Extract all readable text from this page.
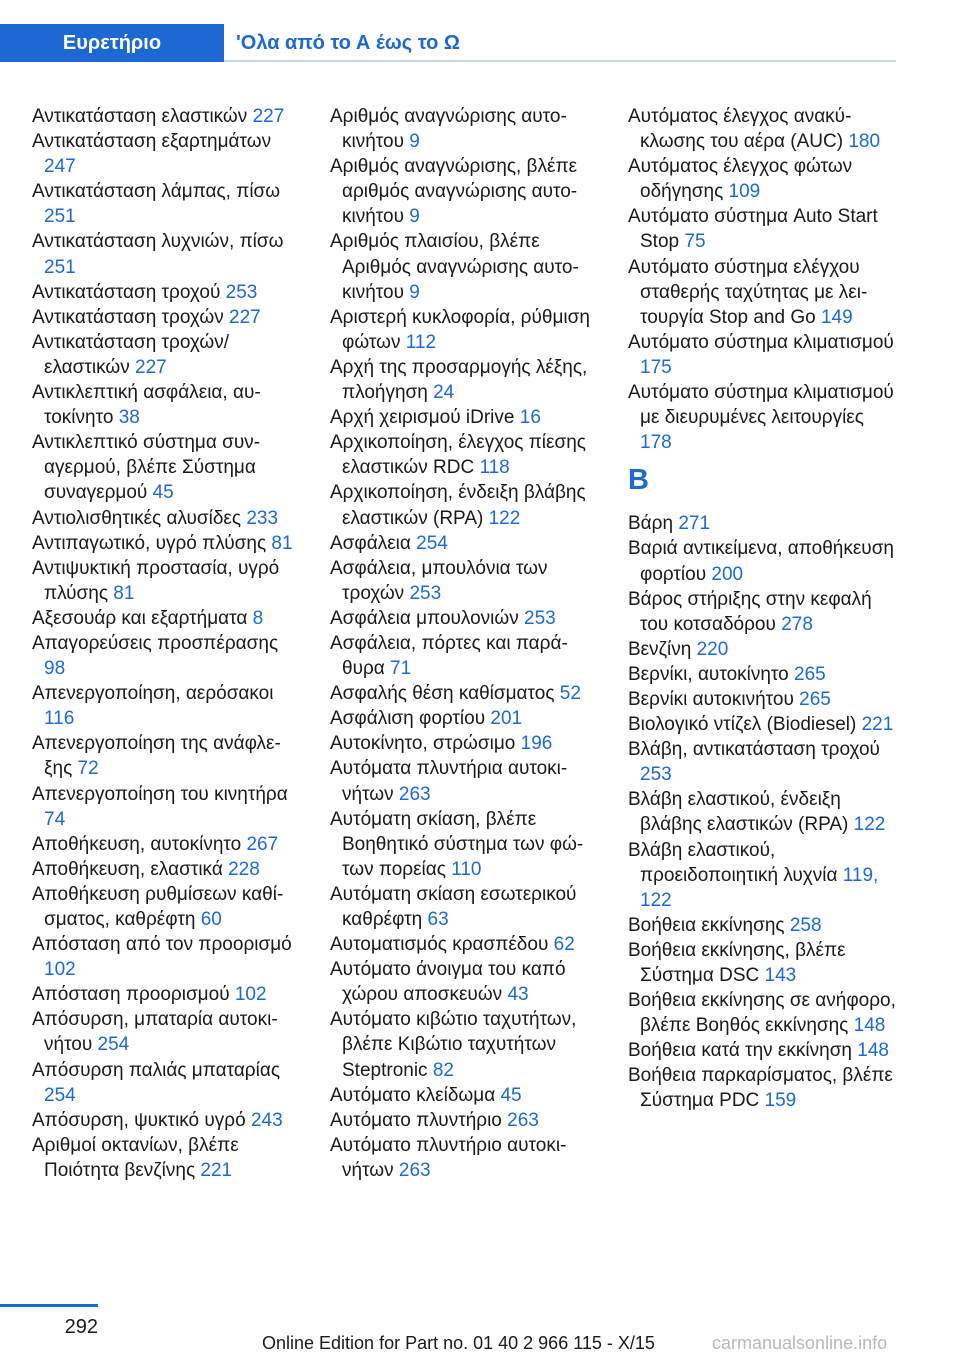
Ευρετήριο	'Ολα από το Α έως το Ω

Αντικατάσταση ελαστικών 227

Αντικατάσταση εξαρτημάτων 247

Αντικατάσταση λάμπας, πίσω 251

Αντικατάσταση λυχνιών, πίσω 251

Αντικατάσταση τροχού 253

Αντικατάσταση τροχών 227

Αντικατάσταση τροχών/ελαστικών 227

Αντικλεπτική ασφάλεια, αυτοκίνητο 38

Αντικλεπτικό σύστημα συναγερμού, βλέπε Σύστημα συναγερμού 45

Αντιολισθητικές αλυσίδες 233

Αντιπαγωτικό, υγρό πλύσης 81

Αντιψυκτική προστασία, υγρό πλύσης 81

Αξεσουάρ και εξαρτήματα 8

Απαγορεύσεις προσπέρασης 98

Απενεργοποίηση, αερόσακοι 116

Απενεργοποίηση της ανάφλεξης 72

Απενεργοποίηση του κινητήρα 74

Αποθήκευση, αυτοκίνητο 267

Αποθήκευση, ελαστικά 228

Αποθήκευση ρυθμίσεων καθίσματος, καθρέφτη 60

Απόσταση από τον προορισμό 102

Απόσταση προορισμού 102

Απόσυρση, μπαταρία αυτοκινήτου 254

Απόσυρση παλιάς μπαταρίας 254

Απόσυρση, ψυκτικό υγρό 243

Αριθμοί οκτανίων, βλέπε Ποιότητα βενζίνης 221

Αριθμός αναγνώρισης αυτοκινήτου 9

Αριθμός αναγνώρισης, βλέπε αριθμός αναγνώρισης αυτοκινήτου 9

Αριθμός πλαισίου, βλέπε Αριθμός αναγνώρισης αυτοκινήτου 9

Αριστερή κυκλοφορία, ρύθμιση φώτων 112

Αρχή της προσαρμογής λέξης, πλοήγηση 24

Αρχή χειρισμού iDrive 16

Αρχικοποίηση, έλεγχος πίεσης ελαστικών RDC 118

Αρχικοποίηση, ένδειξη βλάβης ελαστικών (RPA) 122

Ασφάλεια 254

Ασφάλεια, μπουλόνια των τροχών 253

Ασφάλεια μπουλονιών 253

Ασφάλεια, πόρτες και παράθυρα 71

Ασφαλής θέση καθίσματος 52

Ασφάλιση φορτίου 201

Αυτοκίνητο, στρώσιμο 196

Αυτόματα πλυντήρια αυτοκινήτων 263

Αυτόματη σκίαση, βλέπε Βοηθητικό σύστημα των φώτων πορείας 110

Αυτόματη σκίαση εσωτερικού καθρέφτη 63

Αυτοματισμός κρασπέδου 62

Αυτόματο άνοιγμα του καπό χώρου αποσκευών 43

Αυτόματο κιβώτιο ταχυτήτων, βλέπε Κιβώτιο ταχυτήτων Steptronic 82

Αυτόματο κλείδωμα 45

Αυτόματο πλυντήριο 263

Αυτόματο πλυντήριο αυτοκινήτων 263

Αυτόματος έλεγχος ανακύκλωσης του αέρα (AUC) 180

Αυτόματος έλεγχος φώτων οδήγησης 109

Αυτόματο σύστημα Auto Start Stop 75

Αυτόματο σύστημα ελέγχου σταθερής ταχύτητας με λειτουργία Stop and Go 149

Αυτόματο σύστημα κλιματισμού 175

Αυτόματο σύστημα κλιματισμού με διευρυμένες λειτουργίες 178

B

Βάρη 271

Βαριά αντικείμενα, αποθήκευση φορτίου 200

Βάρος στήριξης στην κεφαλή του κοτσαδόρου 278

Βενζίνη 220

Βερνίκι, αυτοκίνητο 265

Βερνίκι αυτοκινήτου 265

Βιολογικό ντίζελ (Biodiesel) 221

Βλάβη, αντικατάσταση τροχού 253

Βλάβη ελαστικού, ένδειξη βλάβης ελαστικών (RPA) 122

Βλάβη ελαστικού, προειδοποιητική λυχνία 119, 122

Βοήθεια εκκίνησης 258

Βοήθεια εκκίνησης, βλέπε Σύστημα DSC 143

Βοήθεια εκκίνησης σε ανήφορο, βλέπε Βοηθός εκκίνησης 148

Βοήθεια κατά την εκκίνηση 148

Βοήθεια παρκαρίσματος, βλέπε Σύστημα PDC 159

292
Online Edition for Part no. 01 40 2 966 115 - X/15	carmanualsonline.info
